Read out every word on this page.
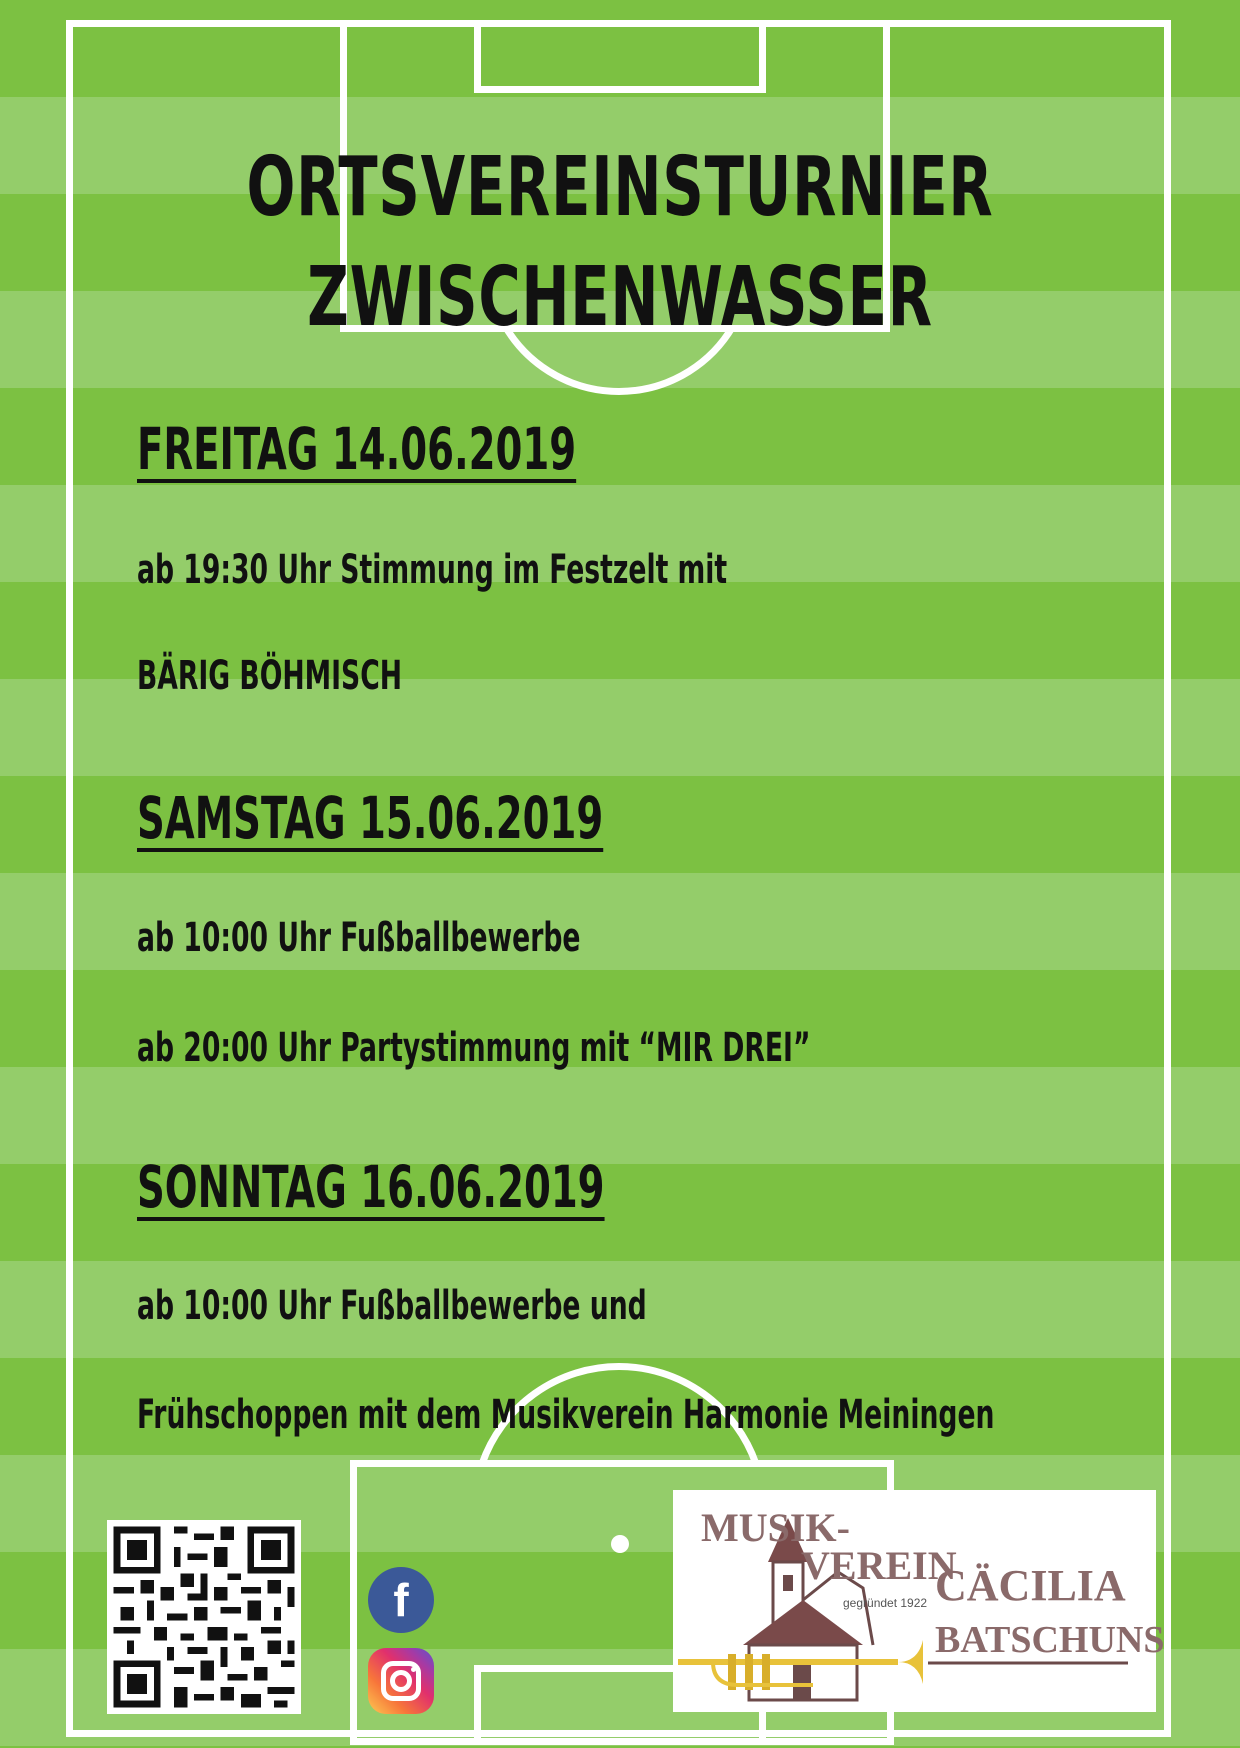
ORTSVEREINSTURNIER
ZWISCHENWASSER
FREITAG 14.06.2019
ab 19:30 Uhr Stimmung im Festzelt mit
BÄRIG BÖHMISCH
SAMSTAG 15.06.2019
ab 10:00 Uhr Fußballbewerbe
ab 20:00 Uhr Partystimmung mit “MIR DREI”
SONNTAG 16.06.2019
ab 10:00 Uhr Fußballbewerbe und
Frühschoppen mit dem Musikverein Harmonie Meiningen
f
MUSIK-
VEREIN
CÄCILIA
gegründet 1922
BATSCHUNS
